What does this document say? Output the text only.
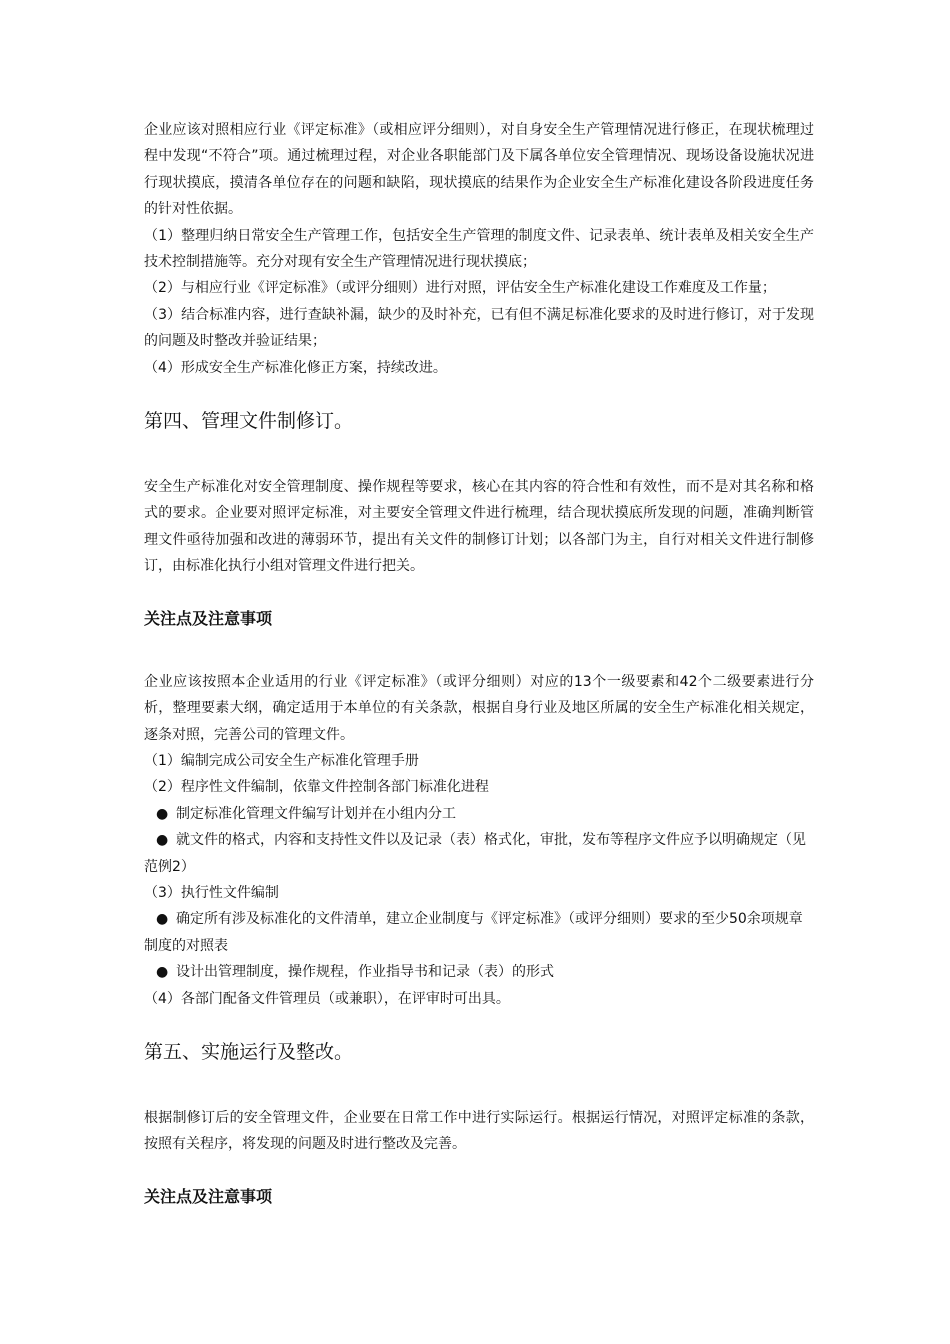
企业应该对照相应行业《评定标准》（或相应评分细则），对自身安全生产管理情况进行修正，在现状梳理过程中发现“不符合”项。通过梳理过程，对企业各职能部门及下属各单位安全管理情况、现场设备设施状况进行现状摸底，摸清各单位存在的问题和缺陷，现状摸底的结果作为企业安全生产标准化建设各阶段进度任务的针对性依据。

（1）整理归纳日常安全生产管理工作，包括安全生产管理的制度文件、记录表单、统计表单及相关安全生产技术控制措施等。充分对现有安全生产管理情况进行现状摸底；

（2）与相应行业《评定标准》（或评分细则）进行对照，评估安全生产标准化建设工作难度及工作量；

（3）结合标准内容，进行查缺补漏，缺少的及时补充，已有但不满足标准化要求的及时进行修订，对于发现的问题及时整改并验证结果；

（4）形成安全生产标准化修正方案，持续改进。

第四、管理文件制修订。

安全生产标准化对安全管理制度、操作规程等要求，核心在其内容的符合性和有效性，而不是对其名称和格式的要求。企业要对照评定标准，对主要安全管理文件进行梳理，结合现状摸底所发现的问题，准确判断管理文件亟待加强和改进的薄弱环节，提出有关文件的制修订计划；以各部门为主，自行对相关文件进行制修订，由标准化执行小组对管理文件进行把关。

关注点及注意事项

企业应该按照本企业适用的行业《评定标准》（或评分细则）对应的13个一级要素和42个二级要素进行分析，整理要素大纲，确定适用于本单位的有关条款，根据自身行业及地区所属的安全生产标准化相关规定，逐条对照，完善公司的管理文件。

（1）编制完成公司安全生产标准化管理手册

（2）程序性文件编制，依靠文件控制各部门标准化进程

● 制定标准化管理文件编写计划并在小组内分工

● 就文件的格式，内容和支持性文件以及记录（表）格式化，审批，发布等程序文件应予以明确规定（见范例2）

（3）执行性文件编制

● 确定所有涉及标准化的文件清单，建立企业制度与《评定标准》（或评分细则）要求的至少50余项规章制度的对照表

● 设计出管理制度，操作规程，作业指导书和记录（表）的形式

（4）各部门配备文件管理员（或兼职），在评审时可出具。

第五、实施运行及整改。

根据制修订后的安全管理文件，企业要在日常工作中进行实际运行。根据运行情况，对照评定标准的条款，按照有关程序，将发现的问题及时进行整改及完善。

关注点及注意事项
